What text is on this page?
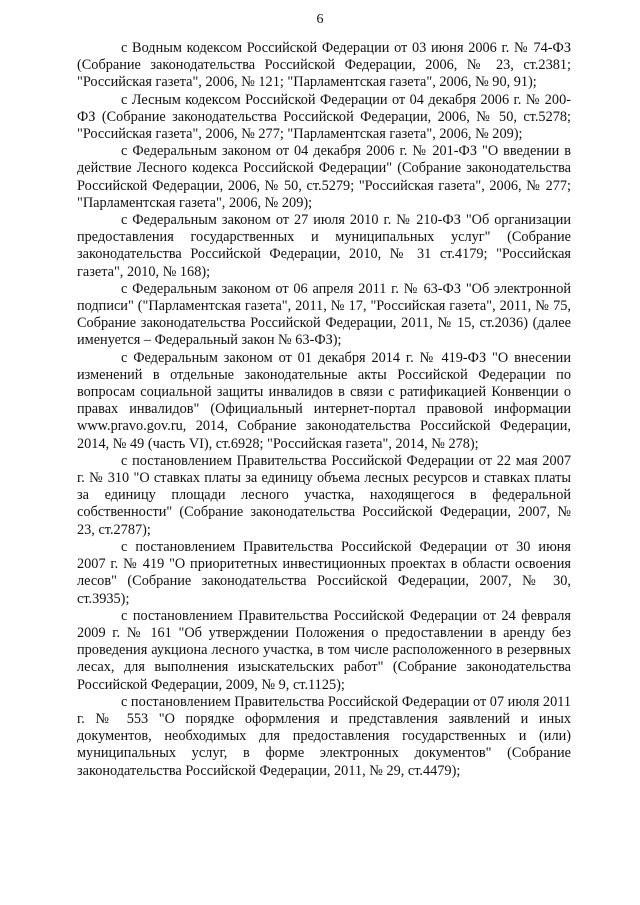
6

с Водным кодексом Российской Федерации от 03 июня 2006 г. № 74-ФЗ (Собрание законодательства Российской Федерации, 2006, № 23, ст.2381; "Российская газета", 2006, № 121; "Парламентская газета", 2006, № 90, 91);

с Лесным кодексом Российской Федерации от 04 декабря 2006 г. № 200-ФЗ (Собрание законодательства Российской Федерации, 2006, № 50, ст.5278; "Российская газета", 2006, № 277; "Парламентская газета", 2006, № 209);

с Федеральным законом от 04 декабря 2006 г. № 201-ФЗ "О введении в действие Лесного кодекса Российской Федерации" (Собрание законодательства Российской Федерации, 2006, № 50, ст.5279; "Российская газета", 2006, № 277; "Парламентская газета", 2006, № 209);

с Федеральным законом от 27 июля 2010 г. № 210-ФЗ "Об организации предоставления государственных и муниципальных услуг" (Собрание законодательства Российской Федерации, 2010, № 31 ст.4179; "Российская газета", 2010, № 168);

с Федеральным законом от 06 апреля 2011 г. № 63-ФЗ "Об электронной подписи" ("Парламентская газета", 2011, № 17, "Российская газета", 2011, № 75, Собрание законодательства Российской Федерации, 2011, № 15, ст.2036) (далее именуется – Федеральный закон № 63-ФЗ);

с Федеральным законом от 01 декабря 2014 г. № 419-ФЗ "О внесении изменений в отдельные законодательные акты Российской Федерации по вопросам социальной защиты инвалидов в связи с ратификацией Конвенции о правах инвалидов" (Официальный интернет-портал правовой информации www.pravo.gov.ru, 2014, Собрание законодательства Российской Федерации, 2014, № 49 (часть VI), ст.6928; "Российская газета", 2014, № 278);

с постановлением Правительства Российской Федерации от 22 мая 2007 г. № 310 "О ставках платы за единицу объема лесных ресурсов и ставках платы за единицу площади лесного участка, находящегося в федеральной собственности" (Собрание законодательства Российской Федерации, 2007, № 23, ст.2787);

с постановлением Правительства Российской Федерации от 30 июня 2007 г. № 419 "О приоритетных инвестиционных проектах в области освоения лесов" (Собрание законодательства Российской Федерации, 2007, № 30, ст.3935);

с постановлением Правительства Российской Федерации от 24 февраля 2009 г. № 161 "Об утверждении Положения о предоставлении в аренду без проведения аукциона лесного участка, в том числе расположенного в резервных лесах, для выполнения изыскательских работ" (Собрание законодательства Российской Федерации, 2009, № 9, ст.1125);

с постановлением Правительства Российской Федерации от 07 июля 2011 г. № 553 "О порядке оформления и представления заявлений и иных документов, необходимых для предоставления государственных и (или) муниципальных услуг, в форме электронных документов" (Собрание законодательства Российской Федерации, 2011, № 29, ст.4479);
